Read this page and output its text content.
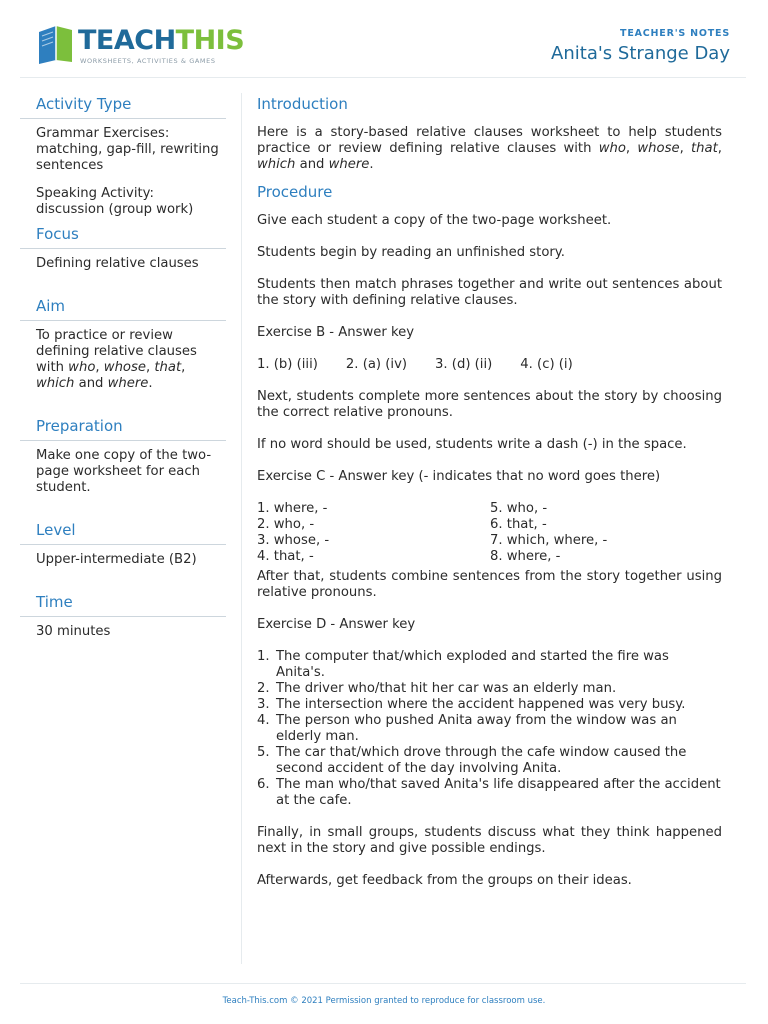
TEACHTHIS
WORKSHEETS, ACTIVITIES & GAMES
TEACHER'S NOTES
Anita's Strange Day
Activity Type

Grammar Exercises: matching, gap-fill, rewriting sentences

Speaking Activity: discussion (group work)

Focus

Defining relative clauses

Aim

To practice or review defining relative clauses with who, whose, that, which and where.

Preparation

Make one copy of the two-page worksheet for each student.

Level

Upper-intermediate (B2)

Time

30 minutes

Introduction

Here is a story-based relative clauses worksheet to help students practice or review defining relative clauses with who, whose, that, which and where.

Procedure

Give each student a copy of the two-page worksheet.

Students begin by reading an unfinished story.

Students then match phrases together and write out sentences about the story with defining relative clauses.

Exercise B - Answer key

1. (b) (iii) 2. (a) (iv) 3. (d) (ii) 4. (c) (i)

Next, students complete more sentences about the story by choosing the correct relative pronouns.

If no word should be used, students write a dash (-) in the space.

Exercise C - Answer key (- indicates that no word goes there)

1. where, -
2. who, -
3. whose, -
4. that, -
5. who, -
6. that, -
7. which, where, -
8. where, -

After that, students combine sentences from the story together using relative pronouns.

Exercise D - Answer key

1. The computer that/which exploded and started the fire was Anita's.
2. The driver who/that hit her car was an elderly man.
3. The intersection where the accident happened was very busy.
4. The person who pushed Anita away from the window was an elderly man.
5. The car that/which drove through the cafe window caused the second accident of the day involving Anita.
6. The man who/that saved Anita's life disappeared after the accident at the cafe.

Finally, in small groups, students discuss what they think happened next in the story and give possible endings.

Afterwards, get feedback from the groups on their ideas.

Teach-This.com © 2021 Permission granted to reproduce for classroom use.
